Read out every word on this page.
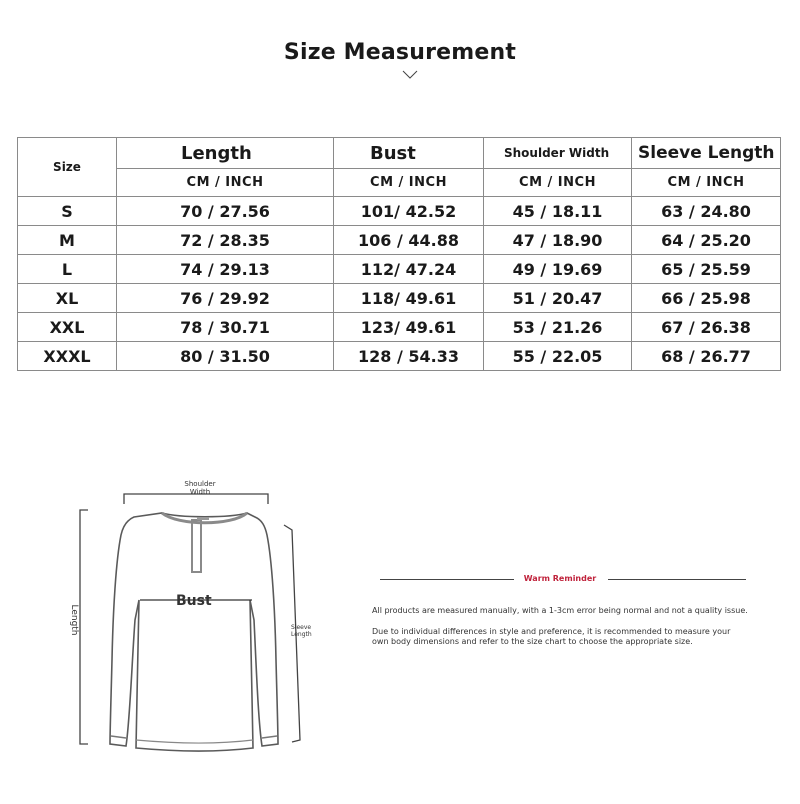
Size Measurement
Size	Length	Bust	Shoulder Width	Sleeve Length
	CM / INCH	CM / INCH	CM / INCH	CM / INCH
S	70 / 27.56	101/ 42.52	45 / 18.11	63 / 24.80
M	72 / 28.35	106 / 44.88	47 / 18.90	64 / 25.20
L	74 / 29.13	112/ 47.24	49 / 19.69	65 / 25.59
XL	76 / 29.92	118/ 49.61	51 / 20.47	66 / 25.98
XXL	78 / 30.71	123/ 49.61	53 / 21.26	67 / 26.38
XXXL	80 / 31.50	128 / 54.33	55 / 22.05	68 / 26.77
Shoulder
Width
Bust
Length	Sleeve
Length
Warm Reminder
All products are measured manually, with a 1-3cm error being normal and not a quality issue.
Due to individual differences in style and preference, it is recommended to measure your
own body dimensions and refer to the size chart to choose the appropriate size.
